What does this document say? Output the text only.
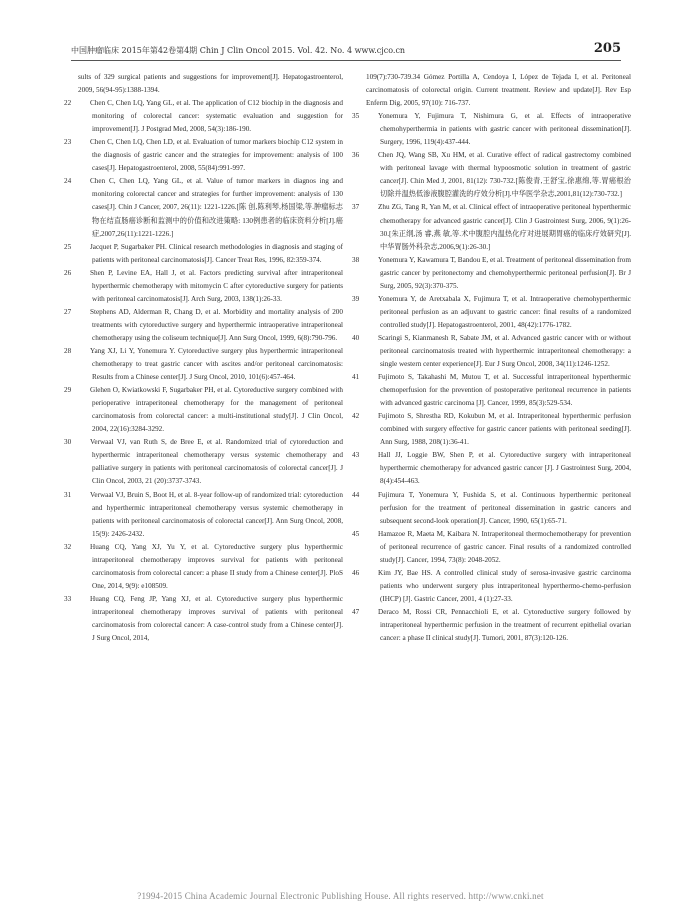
中国肿瘤临床 2015年第42卷第4期 Chin J Clin Oncol 2015. Vol. 42. No. 4 www.cjco.cn	205
sults of 329 surgical patients and suggestions for improvement[J]. Hepatogastroenterol, 2009, 56(94-95):1388-1394.
22	Chen C, Chen LQ, Yang GL, et al. The application of C12 biochip in the diagnosis and monitoring of colorectal cancer: systematic evaluation and suggestion for improvement[J]. J Postgrad Med, 2008, 54(3):186-190.
23	Chen C, Chen LQ, Chen LD, et al. Evaluation of tumor markers biochip C12 system in the diagnosis of gastric cancer and the strategies for improvement: analysis of 100 cases[J]. Hepatogastroenterol, 2008, 55(84):991-997.
24	Chen C, Chen LQ, Yang GL, et al. Value of tumor markers in diagnos ing and monitoring colorectal cancer and strategies for further improvement: analysis of 130 cases[J]. Chin J Cancer, 2007, 26(11): 1221-1226.[陈 创,陈利琴,杨国梁,等.肿瘤标志物在结直肠癌诊断和监测中的价值和改进策略: 130例患者的临床资料分析[J].癌症,2007,26(11):1221-1226.]
25	Jacquet P, Sugarbaker PH. Clinical research methodologies in diagnosis and staging of patients with peritoneal carcinomatosis[J]. Cancer Treat Res, 1996, 82:359-374.
26	Shen P, Levine EA, Hall J, et al. Factors predicting survival after intraperitoneal hyperthermic chemotherapy with mitomycin C after cytoreductive surgery for patients with peritoneal carcinomatosis[J]. Arch Surg, 2003, 138(1):26-33.
27	Stephens AD, Alderman R, Chang D, et al. Morbidity and mortality analysis of 200 treatments with cytoreductive surgery and hyperthermic intraoperative intraperitoneal chemotherapy using the coliseum technique[J]. Ann Surg Oncol, 1999, 6(8):790-796.
28	Yang XJ, Li Y, Yonemura Y. Cytoreductive surgery plus hyperthermic intraperitoneal chemotherapy to treat gastric cancer with ascites and/or peritoneal carcinomatosis: Results from a Chinese center[J]. J Surg Oncol, 2010, 101(6):457-464.
29	Glehen O, Kwiatkowski F, Sugarbaker PH, et al. Cytoreductive surgery combined with perioperative intraperitoneal chemotherapy for the management of peritoneal carcinomatosis from colorectal cancer: a multi-institutional study[J]. J Clin Oncol, 2004, 22(16):3284-3292.
30	Verwaal VJ, van Ruth S, de Bree E, et al. Randomized trial of cytoreduction and hyperthermic intraperitoneal chemotherapy versus systemic chemotherapy and palliative surgery in patients with peritoneal carcinomatosis of colorectal cancer[J]. J Clin Oncol, 2003, 21 (20):3737-3743.
31	Verwaal VJ, Bruin S, Boot H, et al. 8-year follow-up of randomized trial: cytoreduction and hyperthermic intraperitoneal chemotherapy versus systemic chemotherapy in patients with peritoneal carcinomatosis of colorectal cancer[J]. Ann Surg Oncol, 2008, 15(9): 2426-2432.
32	Huang CQ, Yang XJ, Yu Y, et al. Cytoreductive surgery plus hyperthermic intraperitoneal chemotherapy improves survival for patients with peritoneal carcinomatosis from colorectal cancer: a phase II study from a Chinese center[J]. PloS One, 2014, 9(9): e108509.
33	Huang CQ, Feng JP, Yang XJ, et al. Cytoreductive surgery plus hyperthermic intraperitoneal chemotherapy improves survival of patients with peritoneal carcinomatosis from colorectal cancer: A case-control study from a Chinese center[J]. J Surg Oncol, 2014,
109(7):730-739.34 Gómez Portilla A, Cendoya I, López de Tejada I, et al. Peritoneal carcinomatosis of colorectal origin. Current treatment. Review and update[J]. Rev Esp Enferm Dig, 2005, 97(10): 716-737.
35	Yonemura Y, Fujimura T, Nishimura G, et al. Effects of intraoperative chemohyperthermia in patients with gastric cancer with peritoneal dissemination[J]. Surgery, 1996, 119(4):437-444.
36	Chen JQ, Wang SB, Xu HM, et al. Curative effect of radical gastrectomy combined with peritoneal lavage with thermal hypoosmotic solution in treatment of gastric cancer[J]. Chin Med J, 2001, 81(12): 730-732.[陈俊青,王舒宝,徐惠绵,等.胃癌根治切除并温热低渗液腹腔灌洗的疗效分析[J].中华医学杂志,2001,81(12):730-732.]
37	Zhu ZG, Tang R, Yan M, et al. Clinical effect of intraoperative peritoneal hyperthermic chemotherapy for advanced gastric cancer[J]. Clin J Gastrointest Surg, 2006, 9(1):26-30.[朱正纲,汤 睿,燕 敏,等.术中腹腔内温热化疗对进展期胃癌的临床疗效研究[J].中华胃肠外科杂志,2006,9(1):26-30.]
38	Yonemura Y, Kawamura T, Bandou E, et al. Treatment of peritoneal dissemination from gastric cancer by peritonectomy and chemohyperthermic peritoneal perfusion[J]. Br J Surg, 2005, 92(3):370-375.
39	Yonemura Y, de Aretxabala X, Fujimura T, et al. Intraoperative chemohyperthermic peritoneal perfusion as an adjuvant to gastric cancer: final results of a randomized controlled study[J]. Hepatogastroenterol, 2001, 48(42):1776-1782.
40	Scaringi S, Kianmanesh R, Sabate JM, et al. Advanced gastric cancer with or without peritoneal carcinomatosis treated with hyperthermic intraperitoneal chemotherapy: a single western center experience[J]. Eur J Surg Oncol, 2008, 34(11):1246-1252.
41	Fujimoto S, Takahashi M, Mutou T, et al. Successful intraperitoneal hyperthermic chemoperfusion for the prevention of postoperative peritoneal recurrence in patients with advanced gastric carcinoma [J]. Cancer, 1999, 85(3):529-534.
42	Fujimoto S, Shrestha RD, Kokubun M, et al. Intraperitoneal hyperthermic perfusion combined with surgery effective for gastric cancer patients with peritoneal seeding[J]. Ann Surg, 1988, 208(1):36-41.
43	Hall JJ, Loggie BW, Shen P, et al. Cytoreductive surgery with intraperitoneal hyperthermic chemotherapy for advanced gastric cancer [J]. J Gastrointest Surg, 2004, 8(4):454-463.
44	Fujimura T, Yonemura Y, Fushida S, et al. Continuous hyperthermic peritoneal perfusion for the treatment of peritoneal dissemination in gastric cancers and subsequent second-look operation[J]. Cancer, 1990, 65(1):65-71.
45	Hamazoe R, Maeta M, Kaibara N. Intraperitoneal thermochemotherapy for prevention of peritoneal recurrence of gastric cancer. Final results of a randomized controlled study[J]. Cancer, 1994, 73(8): 2048-2052.
46	Kim JY, Bae HS. A controlled clinical study of serosa-invasive gastric carcinoma patients who underwent surgery plus intraperitoneal hyperthermo-chemo-perfusion (IHCP) [J]. Gastric Cancer, 2001, 4 (1):27-33.
47	Deraco M, Rossi CR, Pennacchioli E, et al. Cytoreductive surgery followed by intraperitoneal hyperthermic perfusion in the treatment of recurrent epithelial ovarian cancer: a phase II clinical study[J]. Tumori, 2001, 87(3):120-126.
?1994-2015 China Academic Journal Electronic Publishing House. All rights reserved. http://www.cnki.net
